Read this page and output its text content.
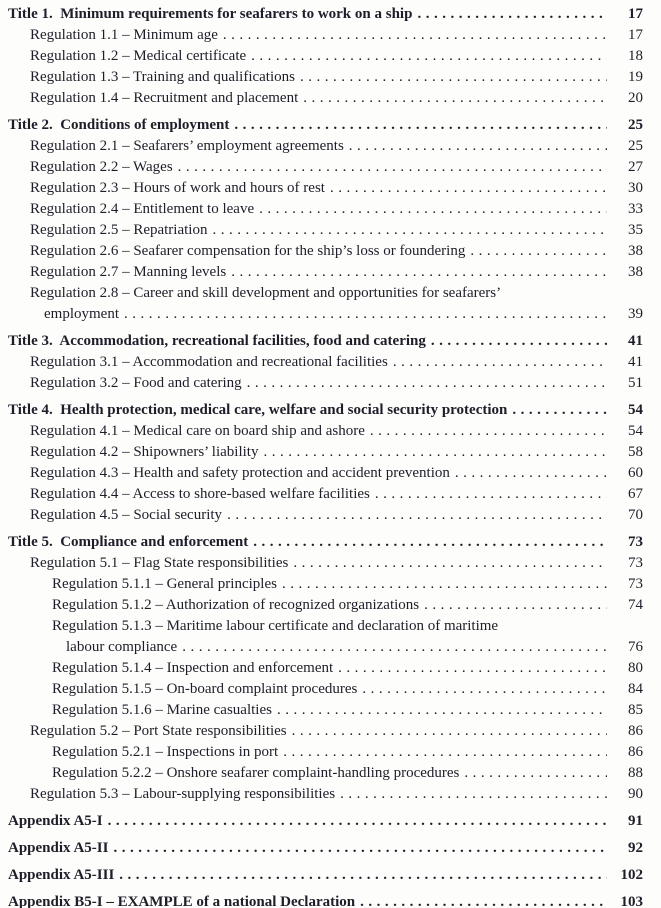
Title 1.  Minimum requirements for seafarers to work on a ship .....	17
Regulation 1.1 – Minimum age .....	17
Regulation 1.2 – Medical certificate .....	18
Regulation 1.3 – Training and qualifications .....	19
Regulation 1.4 – Recruitment and placement .....	20
Title 2.  Conditions of employment .....	25
Regulation 2.1 – Seafarers’ employment agreements .....	25
Regulation 2.2 – Wages .....	27
Regulation 2.3 – Hours of work and hours of rest .....	30
Regulation 2.4 – Entitlement to leave .....	33
Regulation 2.5 – Repatriation .....	35
Regulation 2.6 – Seafarer compensation for the ship’s loss or foundering .....	38
Regulation 2.7 – Manning levels .....	38
Regulation 2.8 – Career and skill development and opportunities for seafarers’
employment .....	39
Title 3.  Accommodation, recreational facilities, food and catering .....	41
Regulation 3.1 – Accommodation and recreational facilities .....	41
Regulation 3.2 – Food and catering .....	51
Title 4.  Health protection, medical care, welfare and social security protection .....	54
Regulation 4.1 – Medical care on board ship and ashore .....	54
Regulation 4.2 – Shipowners’ liability .....	58
Regulation 4.3 – Health and safety protection and accident prevention .....	60
Regulation 4.4 – Access to shore-based welfare facilities .....	67
Regulation 4.5 – Social security .....	70
Title 5.  Compliance and enforcement .....	73
Regulation 5.1 – Flag State responsibilities .....	73
Regulation 5.1.1 – General principles .....	73
Regulation 5.1.2 – Authorization of recognized organizations .....	74
Regulation 5.1.3 – Maritime labour certificate and declaration of maritime
labour compliance .....	76
Regulation 5.1.4 – Inspection and enforcement .....	80
Regulation 5.1.5 – On-board complaint procedures .....	84
Regulation 5.1.6 – Marine casualties .....	85
Regulation 5.2 – Port State responsibilities .....	86
Regulation 5.2.1 – Inspections in port .....	86
Regulation 5.2.2 – Onshore seafarer complaint-handling procedures .....	88
Regulation 5.3 – Labour-supplying responsibilities .....	90
Appendix A5-I .....	91
Appendix A5-II .....	92
Appendix A5-III .....	102
Appendix B5-I – EXAMPLE of a national Declaration .....	103
